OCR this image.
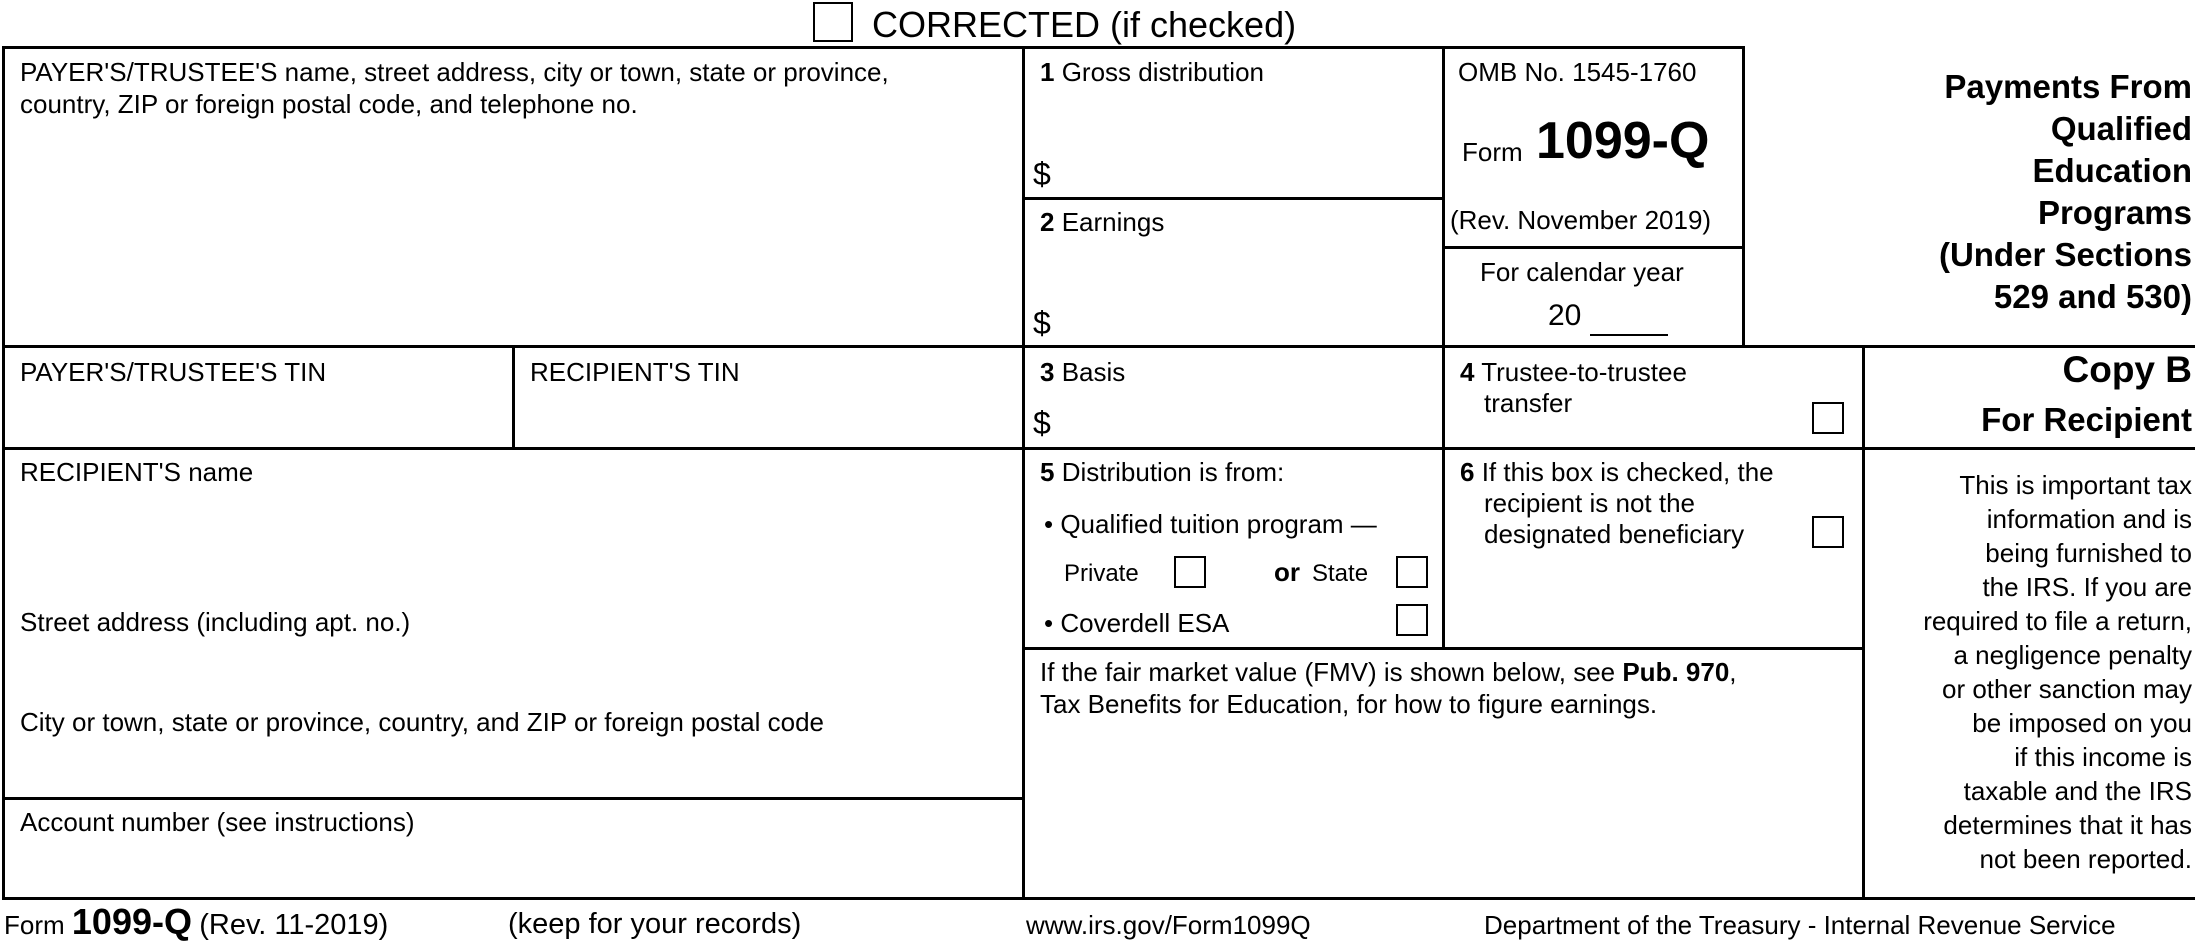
CORRECTED (if checked)
PAYER'S/TRUSTEE'S name, street address, city or town, state or province,
country, ZIP or foreign postal code, and telephone no.
1 Gross distribution
$
2 Earnings
$
OMB No. 1545-1760
Form 1099-Q
(Rev. November 2019)
For calendar year
20
Payments From
Qualified
Education
Programs
(Under Sections
529 and 530)
PAYER'S/TRUSTEE'S TIN	RECIPIENT'S TIN	3 Basis
$
4 Trustee-to-trustee
transfer
RECIPIENT'S name
Street address (including apt. no.)
City or town, state or province, country, and ZIP or foreign postal code
Account number (see instructions)
5 Distribution is from:
• Qualified tuition program —
Private	or State
• Coverdell ESA
6 If this box is checked, the
recipient is not the
designated beneficiary
If the fair market value (FMV) is shown below, see Pub. 970,
Tax Benefits for Education, for how to figure earnings.
Copy B
For Recipient
This is important tax
information and is
being furnished to
the IRS. If you are
required to file a return,
a negligence penalty
or other sanction may
be imposed on you
if this income is
taxable and the IRS
determines that it has
not been reported.
Form 1099-Q (Rev. 11-2019)	(keep for your records)	www.irs.gov/Form1099Q	Department of the Treasury - Internal Revenue Service
